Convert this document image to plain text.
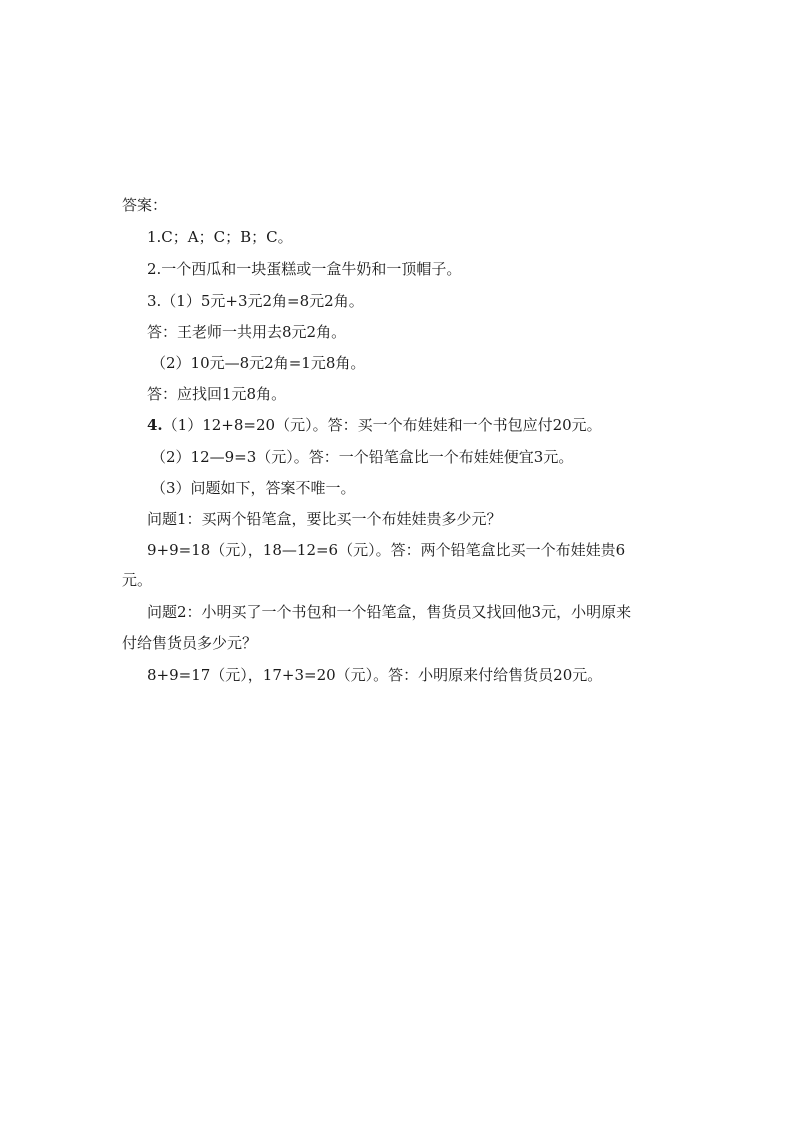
答案：
1.C；A；C；B；C。
2.一个西瓜和一块蛋糕或一盒牛奶和一顶帽子。
3.（1）5元+3元2角=8元2角。
答：王老师一共用去8元2角。
（2）10元—8元2角=1元8角。
答：应找回1元8角。
4.（1）12+8=20（元）。答：买一个布娃娃和一个书包应付20元。
（2）12—9=3（元）。答：一个铅笔盒比一个布娃娃便宜3元。
（3）问题如下，答案不唯一。
问题1：买两个铅笔盒，要比买一个布娃娃贵多少元？
9+9=18（元），18—12=6（元）。答：两个铅笔盒比买一个布娃娃贵6
元。
问题2：小明买了一个书包和一个铅笔盒，售货员又找回他3元，小明原来
付给售货员多少元？
8+9=17（元），17+3=20（元）。答：小明原来付给售货员20元。
